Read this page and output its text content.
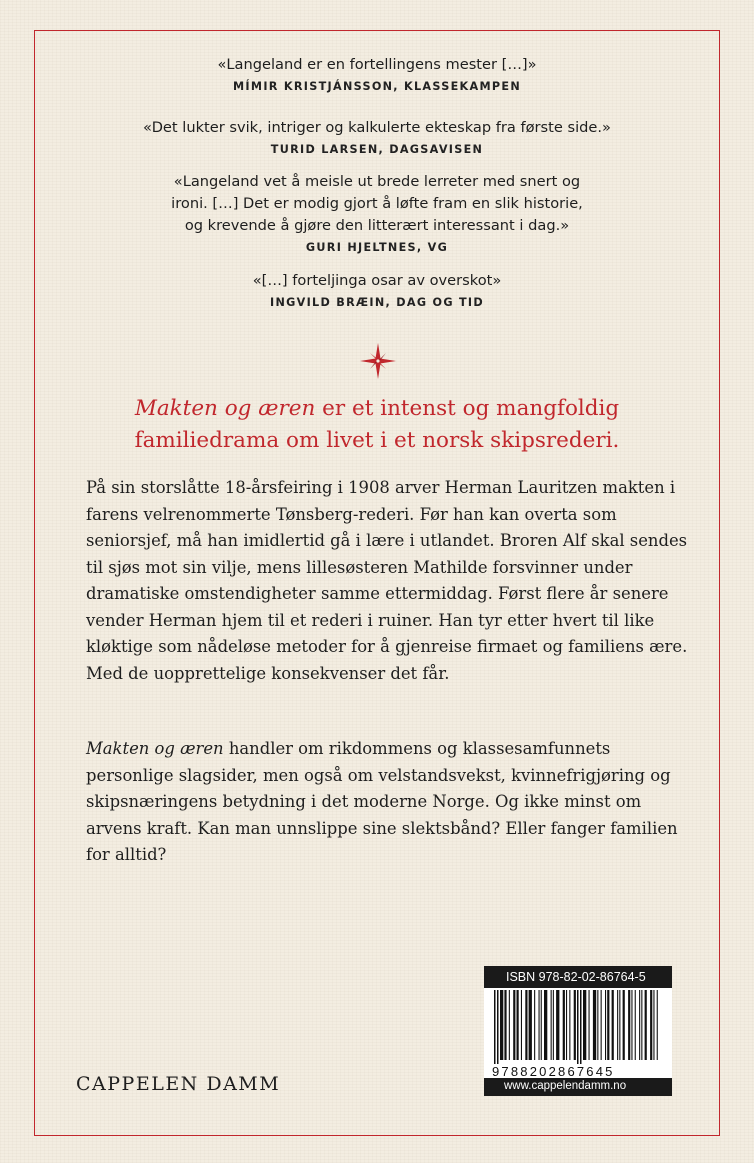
«Langeland er en fortellingens mester […]»
MÍMIR KRISTJÁNSSON, KLASSEKAMPEN
«Det lukter svik, intriger og kalkulerte ekteskap fra første side.»
TURID LARSEN, DAGSAVISEN
«Langeland vet å meisle ut brede lerreter med snert og
ironi. […] Det er modig gjort å løfte fram en slik historie,
og krevende å gjøre den litterært interessant i dag.»
GURI HJELTNES, VG
«[…] forteljinga osar av overskot»
INGVILD BRÆIN, DAG OG TID
Makten og æren er et intenst og mangfoldig
familiedrama om livet i et norsk skipsrederi.
På sin storslåtte 18-årsfeiring i 1908 arver Herman Lauritzen makten i farens velrenommerte Tønsberg-rederi. Før han kan overta som seniorsjef, må han imidlertid gå i lære i utlandet. Broren Alf skal sendes til sjøs mot sin vilje, mens lillesøsteren Mathilde forsvinner under dramatiske omstendigheter samme ettermiddag. Først flere år senere vender Herman hjem til et rederi i ruiner. Han tyr etter hvert til like kløktige som nådeløse metoder for å gjenreise firmaet og familiens ære. Med de uopprettelige konsekvenser det får.
Makten og æren handler om rikdommens og klassesamfunnets personlige slagsider, men også om velstandsvekst, kvinnefrigjøring og skipsnæringens betydning i det moderne Norge. Og ikke minst om arvens kraft. Kan man unnslippe sine slektsbånd? Eller fanger familien for alltid?
CAPPELEN DAMM
ISBN 978-82-02-86764-5
www.cappelendamm.no
9788202867645
